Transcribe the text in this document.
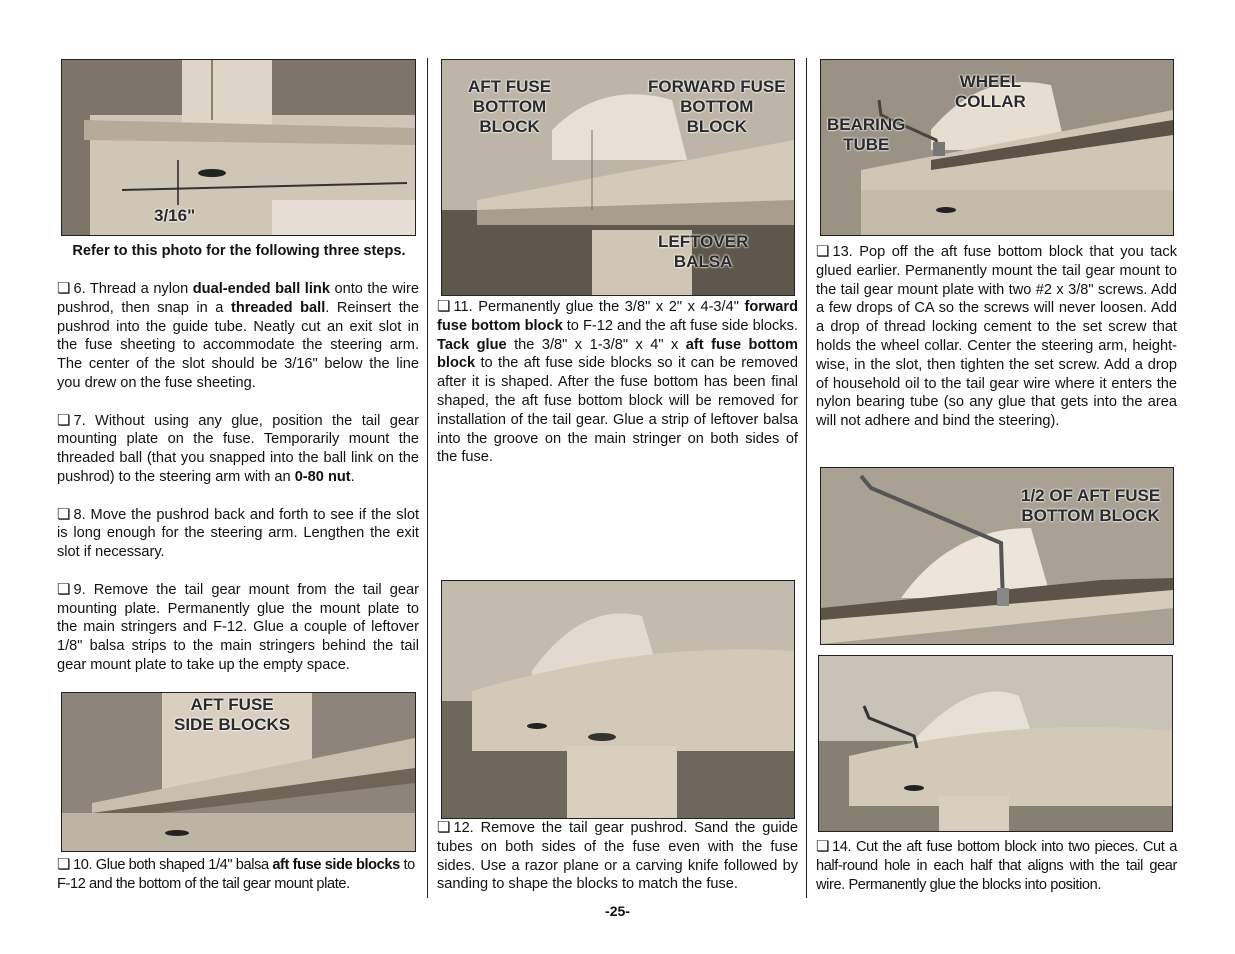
3/16"
Refer to this photo for the following three steps.

❏ 6. Thread a nylon dual-ended ball link onto the wire pushrod, then snap in a threaded ball. Reinsert the pushrod into the guide tube. Neatly cut an exit slot in the fuse sheeting to accommodate the steering arm. The center of the slot should be 3/16" below the line you drew on the fuse sheeting.

❏ 7. Without using any glue, position the tail gear mounting plate on the fuse. Temporarily mount the threaded ball (that you snapped into the ball link on the pushrod) to the steering arm with an 0-80 nut.

❏ 8. Move the pushrod back and forth to see if the slot is long enough for the steering arm. Lengthen the exit slot if necessary.

❏ 9. Remove the tail gear mount from the tail gear mounting plate. Permanently glue the mount plate to the main stringers and F-12. Glue a couple of leftover 1/8" balsa strips to the main stringers behind the tail gear mount plate to take up the empty space.

AFT FUSE
SIDE BLOCKS
❏ 10. Glue both shaped 1/4" balsa aft fuse side blocks to F-12 and the bottom of the tail gear mount plate.
AFT FUSE
BOTTOM
BLOCK
FORWARD FUSE
BOTTOM
BLOCK
LEFTOVER
BALSA

❏ 11. Permanently glue the 3/8" x 2" x 4-3/4" forward fuse bottom block to F-12 and the aft fuse side blocks. Tack glue the 3/8" x 1-3/8" x 4" x aft fuse bottom block to the aft fuse side blocks so it can be removed after it is shaped. After the fuse bottom has been final shaped, the aft fuse bottom block will be removed for installation of the tail gear. Glue a strip of leftover balsa into the groove on the main stringer on both sides of the fuse.

❏ 12. Remove the tail gear pushrod. Sand the guide tubes on both sides of the fuse even with the fuse sides. Use a razor plane or a carving knife followed by sanding to shape the blocks to match the fuse.

WHEEL
COLLAR
BEARING
TUBE

❏ 13. Pop off the aft fuse bottom block that you tack glued earlier. Permanently mount the tail gear mount to the tail gear mount plate with two #2 x 3/8" screws. Add a few drops of CA so the screws will never loosen. Add a drop of thread locking cement to the set screw that holds the wheel collar. Center the steering arm, height-wise, in the slot, then tighten the set screw. Add a drop of household oil to the tail gear wire where it enters the nylon bearing tube (so any glue that gets into the area will not adhere and bind the steering).

1/2 OF AFT FUSE
BOTTOM BLOCK

❏ 14. Cut the aft fuse bottom block into two pieces. Cut a half-round hole in each half that aligns with the tail gear wire. Permanently glue the blocks into position.

-25-
